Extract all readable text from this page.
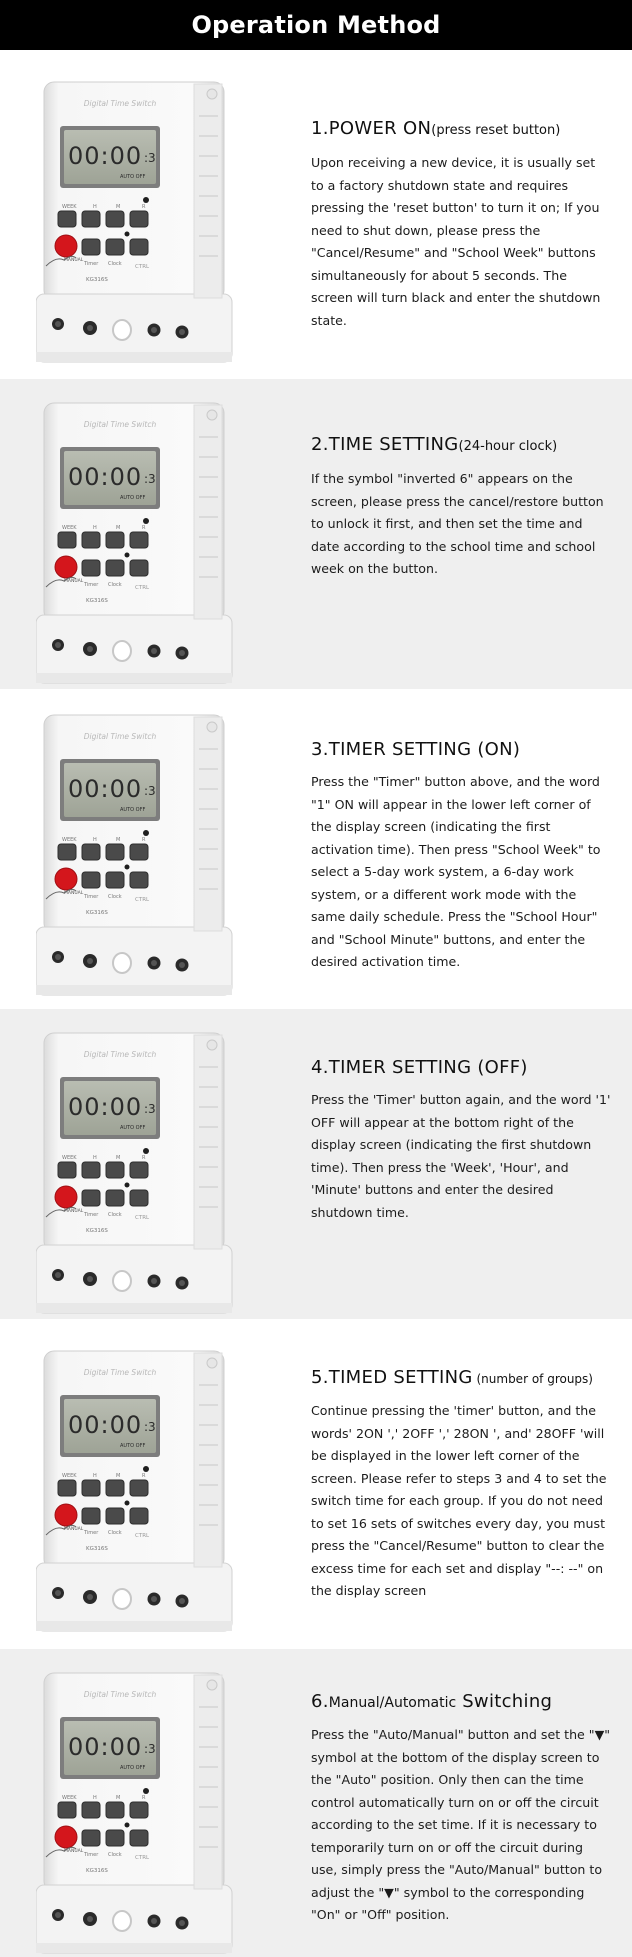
Operation Method
Digital Time Switch
00:00 :3
AUTO OFF
WEEK	H	M	R
MANUAL
Timer Clock CTRL
KG316S
1.POWER ON(press reset button)
Upon receiving a new device, it is usually set to a factory shutdown state and requires pressing the 'reset button' to turn it on; If you need to shut down, please press the "Cancel/Resume" and "School Week" buttons simultaneously for about 5 seconds. The screen will turn black and enter the shutdown state.
Digital Time Switch
00:00 :3
AUTO OFF
WEEK	H	M	R
MANUAL
Timer Clock CTRL
KG316S
2.TIME SETTING(24-hour clock)
If the symbol "inverted 6" appears on the screen, please press the cancel/restore button to unlock it first, and then set the time and date according to the school time and school week on the button.
Digital Time Switch
00:00 :3
AUTO OFF
WEEK	H	M	R
MANUAL
Timer Clock CTRL
KG316S
3.TIMER SETTING (ON)
Press the "Timer" button above, and the word "1" ON will appear in the lower left corner of the display screen (indicating the first activation time). Then press "School Week" to select a 5-day work system, a 6-day work system, or a different work mode with the same daily schedule. Press the "School Hour" and "School Minute" buttons, and enter the desired activation time.
Digital Time Switch
00:00 :3
AUTO OFF
WEEK	H	M	R
MANUAL
Timer Clock CTRL
KG316S
4.TIMER SETTING (OFF)
Press the 'Timer' button again, and the word '1' OFF will appear at the bottom right of the display screen (indicating the first shutdown time). Then press the 'Week', 'Hour', and 'Minute' buttons and enter the desired shutdown time.
Digital Time Switch
00:00 :3
AUTO OFF
WEEK	H	M	R
MANUAL
Timer Clock CTRL
KG316S
5.TIMED SETTING (number of groups)
Continue pressing the 'timer' button, and the words' 2ON ',' 2OFF ',' 28ON ', and' 28OFF 'will be displayed in the lower left corner of the screen. Please refer to steps 3 and 4 to set the switch time for each group. If you do not need to set 16 sets of switches every day, you must press the "Cancel/Resume" button to clear the excess time for each set and display "--: --" on the display screen
Digital Time Switch
00:00 :3
AUTO OFF
WEEK	H	M	R
MANUAL
Timer Clock CTRL
KG316S
6.Manual/Automatic Switching
Press the "Auto/Manual" button and set the "▼" symbol at the bottom of the display screen to the "Auto" position. Only then can the time control automatically turn on or off the circuit according to the set time. If it is necessary to temporarily turn on or off the circuit during use, simply press the "Auto/Manual" button to adjust the "▼" symbol to the corresponding "On" or "Off" position.
